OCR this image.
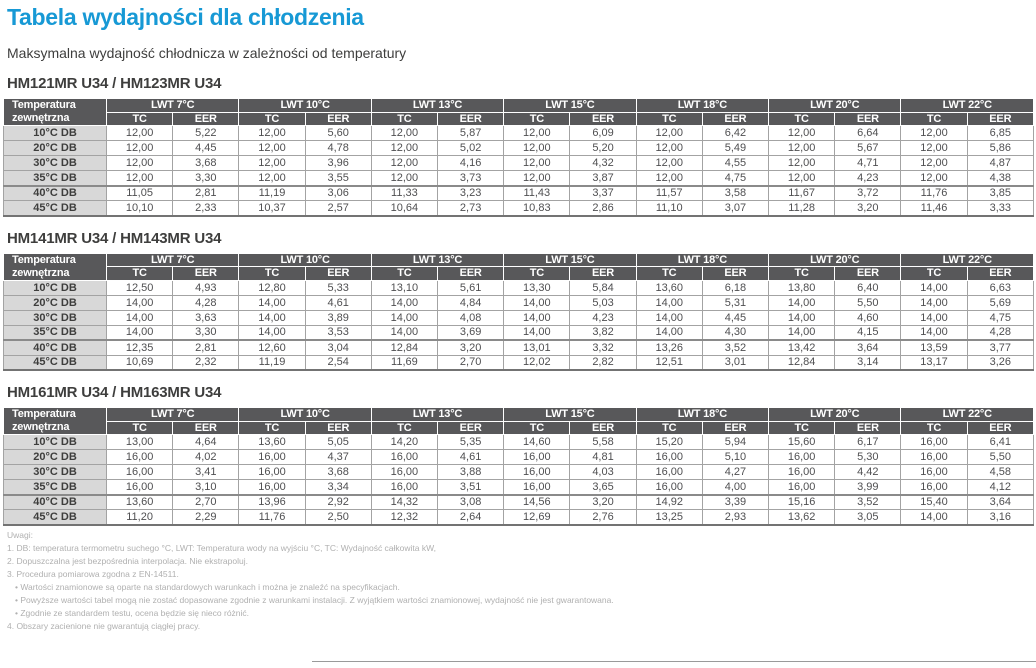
Tabela wydajności dla chłodzenia

Maksymalna wydajność chłodnicza w zależności od temperatury

HM121MR U34 / HM123MR U34
Temperatura
zewnętrzna	LWT 7°C		LWT 10°C		LWT 13°C		LWT 15°C		LWT 18°C		LWT 20°C		LWT 22°C	
	TC	EER	TC	EER	TC	EER	TC	EER	TC	EER	TC	EER	TC	EER
10°C DB	12,00	5,22	12,00	5,60	12,00	5,87	12,00	6,09	12,00	6,42	12,00	6,64	12,00	6,85
20°C DB	12,00	4,45	12,00	4,78	12,00	5,02	12,00	5,20	12,00	5,49	12,00	5,67	12,00	5,86
30°C DB	12,00	3,68	12,00	3,96	12,00	4,16	12,00	4,32	12,00	4,55	12,00	4,71	12,00	4,87
35°C DB	12,00	3,30	12,00	3,55	12,00	3,73	12,00	3,87	12,00	4,75	12,00	4,23	12,00	4,38
40°C DB	11,05	2,81	11,19	3,06	11,33	3,23	11,43	3,37	11,57	3,58	11,67	3,72	11,76	3,85
45°C DB	10,10	2,33	10,37	2,57	10,64	2,73	10,83	2,86	11,10	3,07	11,28	3,20	11,46	3,33
HM141MR U34 / HM143MR U34
Temperatura
zewnętrzna	LWT 7°C		LWT 10°C		LWT 13°C		LWT 15°C		LWT 18°C		LWT 20°C		LWT 22°C	
	TC	EER	TC	EER	TC	EER	TC	EER	TC	EER	TC	EER	TC	EER
10°C DB	12,50	4,93	12,80	5,33	13,10	5,61	13,30	5,84	13,60	6,18	13,80	6,40	14,00	6,63
20°C DB	14,00	4,28	14,00	4,61	14,00	4,84	14,00	5,03	14,00	5,31	14,00	5,50	14,00	5,69
30°C DB	14,00	3,63	14,00	3,89	14,00	4,08	14,00	4,23	14,00	4,45	14,00	4,60	14,00	4,75
35°C DB	14,00	3,30	14,00	3,53	14,00	3,69	14,00	3,82	14,00	4,30	14,00	4,15	14,00	4,28
40°C DB	12,35	2,81	12,60	3,04	12,84	3,20	13,01	3,32	13,26	3,52	13,42	3,64	13,59	3,77
45°C DB	10,69	2,32	11,19	2,54	11,69	2,70	12,02	2,82	12,51	3,01	12,84	3,14	13,17	3,26
HM161MR U34 / HM163MR U34
Temperatura
zewnętrzna	LWT 7°C		LWT 10°C		LWT 13°C		LWT 15°C		LWT 18°C		LWT 20°C		LWT 22°C	
	TC	EER	TC	EER	TC	EER	TC	EER	TC	EER	TC	EER	TC	EER
10°C DB	13,00	4,64	13,60	5,05	14,20	5,35	14,60	5,58	15,20	5,94	15,60	6,17	16,00	6,41
20°C DB	16,00	4,02	16,00	4,37	16,00	4,61	16,00	4,81	16,00	5,10	16,00	5,30	16,00	5,50
30°C DB	16,00	3,41	16,00	3,68	16,00	3,88	16,00	4,03	16,00	4,27	16,00	4,42	16,00	4,58
35°C DB	16,00	3,10	16,00	3,34	16,00	3,51	16,00	3,65	16,00	4,00	16,00	3,99	16,00	4,12
40°C DB	13,60	2,70	13,96	2,92	14,32	3,08	14,56	3,20	14,92	3,39	15,16	3,52	15,40	3,64
45°C DB	11,20	2,29	11,76	2,50	12,32	2,64	12,69	2,76	13,25	2,93	13,62	3,05	14,00	3,16
Uwagi:
1. DB: temperatura termometru suchego °C, LWT: Temperatura wody na wyjściu °C, TC: Wydajność całkowita kW,
2. Dopuszczalna jest bezpośrednia interpolacja. Nie ekstrapoluj.
3. Procedura pomiarowa zgodna z EN-14511.
• Wartości znamionowe są oparte na standardowych warunkach i można je znaleźć na specyfikacjach.
• Powyższe wartości tabel mogą nie zostać dopasowane zgodnie z warunkami instalacji. Z wyjątkiem wartości znamionowej, wydajność nie jest gwarantowana.
• Zgodnie ze standardem testu, ocena będzie się nieco różnić.
4. Obszary zacienione nie gwarantują ciągłej pracy.
